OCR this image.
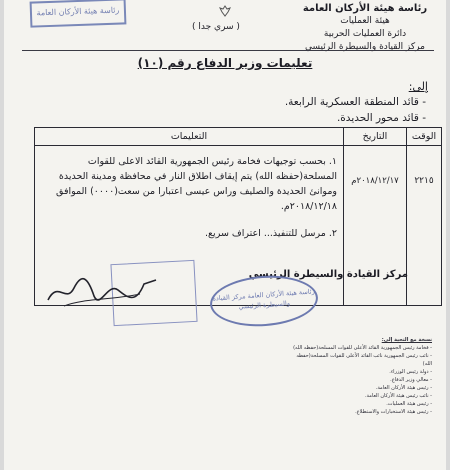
رئاسة هيئة الأركان العامة
( سري جدا )
رئاسة هيئة الأركان العامة
هيئة العمليات
دائرة العمليات الحربية
مركز القيادة والسيطرة الرئيسي
تعليمات وزير الدفاع رقم (١٠)
إلى:
- قائد المنطقة العسكرية الرابعة.
- قائد محور الحديدة.
الوقت	التاريخ	التعليمات
٢٢١٥	٢٠١٨/١٢/١٧م	١. بحسب توجيهات فخامة رئيس الجمهورية القائد الاعلى للقوات المسلحة(حفظه الله) يتم إيقاف اطلاق النار في محافظة ومدينة الحديدة وموانئ الحديدة والصليف وراس عيسى اعتبارا من سعت(٠٠٠٠) الموافق ٢٠١٨/١٢/١٨م.
٢. مرسل للتنفيذ... اعتراف سريع.
مركز القيادة والسيطرة الرئيسي
رئاسة هيئة الأركان العامة مركز القيادة والسيطرة الرئيسي
نسخة مع التحية إلى:
- فخامة رئيس الجمهورية القائد الأعلى للقوات المسلحة(حفظه الله)
- نائب رئيس الجمهورية نائب القائد الأعلى للقوات المسلحة(حفظه الله)
- دولة رئيس الوزراء.
- معالي وزير الدفاع.
- رئيس هيئة الأركان العامة.
- نائب رئيس هيئة الأركان العامة.
- رئيس هيئة العمليات.
- رئيس هيئة الاستخبارات والاستطلاع.
